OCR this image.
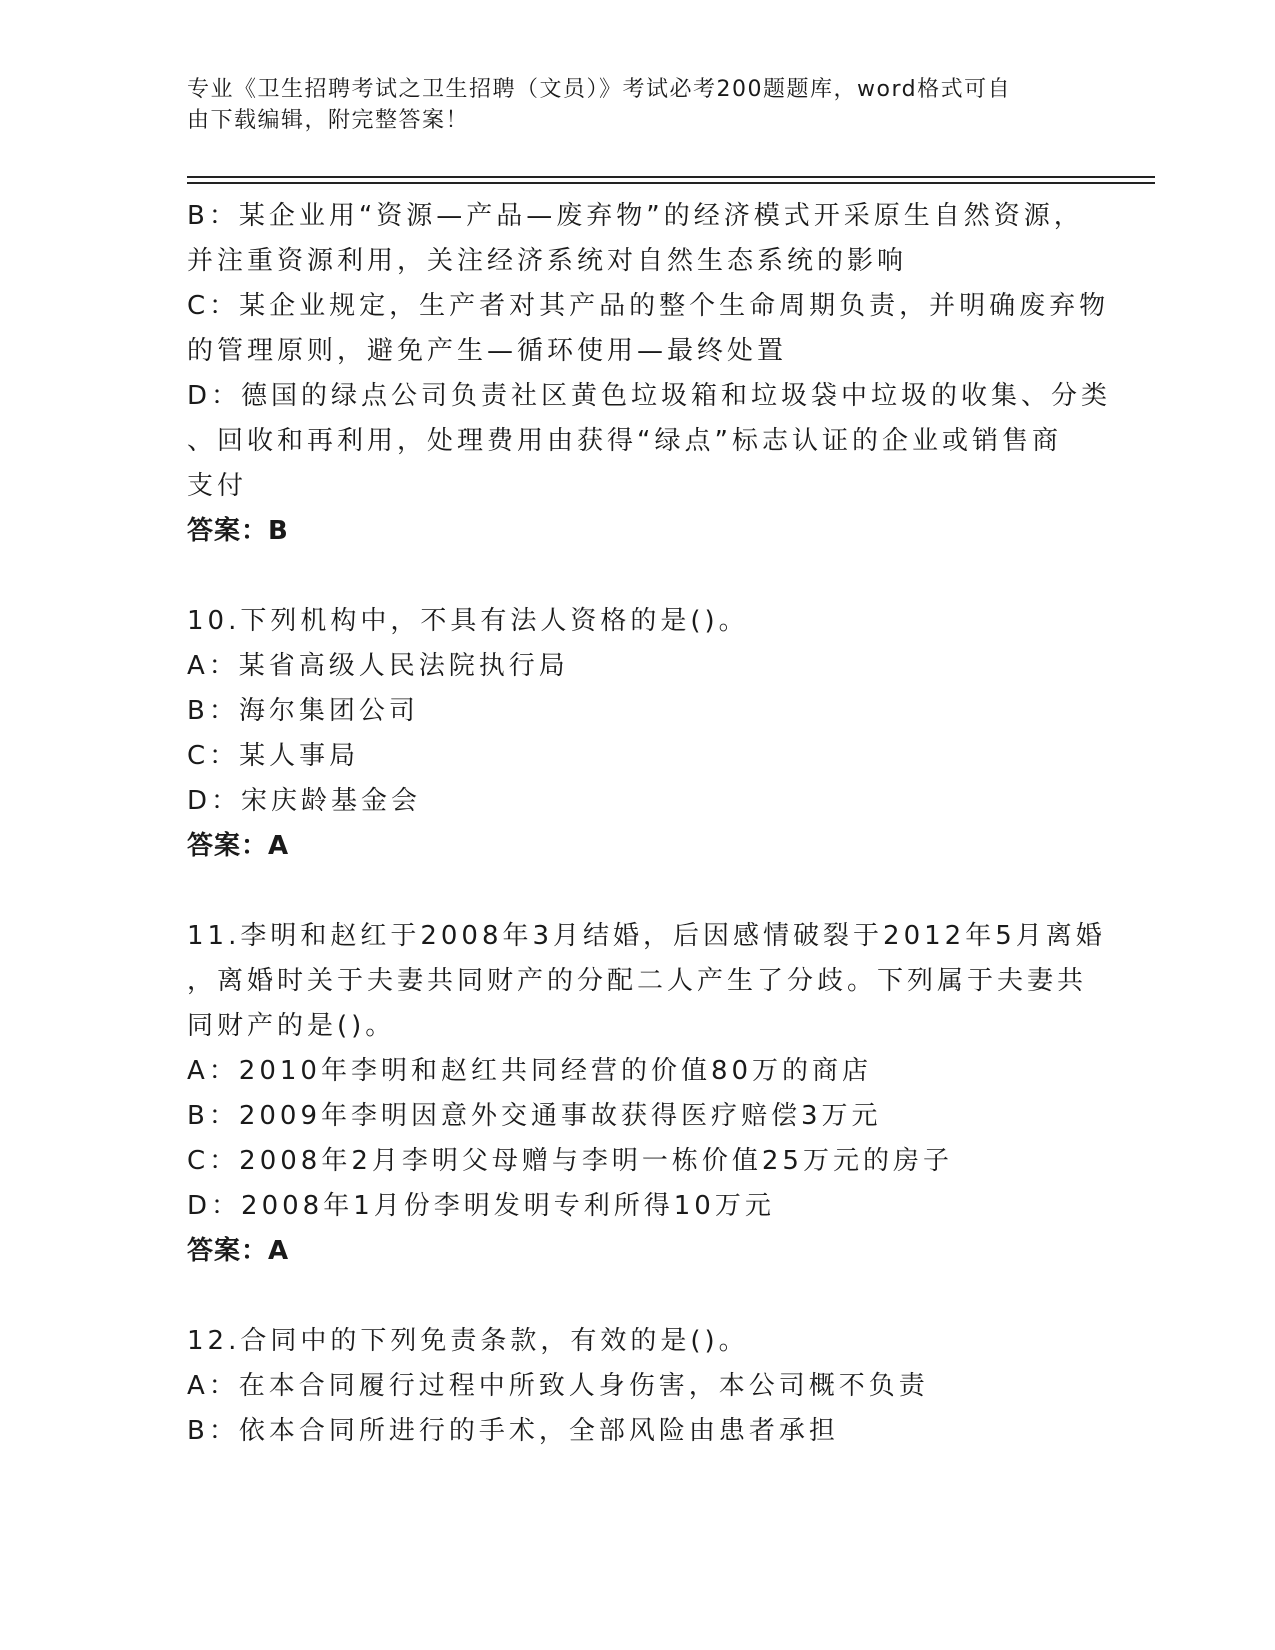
专业《卫生招聘考试之卫生招聘（文员）》考试必考200题题库，word格式可自
由下载编辑，附完整答案！
B：某企业用“资源—产品—废弃物”的经济模式开采原生自然资源，
并注重资源利用，关注经济系统对自然生态系统的影响
C：某企业规定，生产者对其产品的整个生命周期负责，并明确废弃物
的管理原则，避免产生—循环使用—最终处置
D：德国的绿点公司负责社区黄色垃圾箱和垃圾袋中垃圾的收集、分类
、回收和再利用，处理费用由获得“绿点”标志认证的企业或销售商
支付
答案：B
10.下列机构中，不具有法人资格的是()。
A：某省高级人民法院执行局
B：海尔集团公司
C：某人事局
D：宋庆龄基金会
答案：A
11.李明和赵红于2008年3月结婚，后因感情破裂于2012年5月离婚
，离婚时关于夫妻共同财产的分配二人产生了分歧。下列属于夫妻共
同财产的是()。
A：2010年李明和赵红共同经营的价值80万的商店
B：2009年李明因意外交通事故获得医疗赔偿3万元
C：2008年2月李明父母赠与李明一栋价值25万元的房子
D：2008年1月份李明发明专利所得10万元
答案：A
12.合同中的下列免责条款，有效的是()。
A：在本合同履行过程中所致人身伤害，本公司概不负责
B：依本合同所进行的手术，全部风险由患者承担
